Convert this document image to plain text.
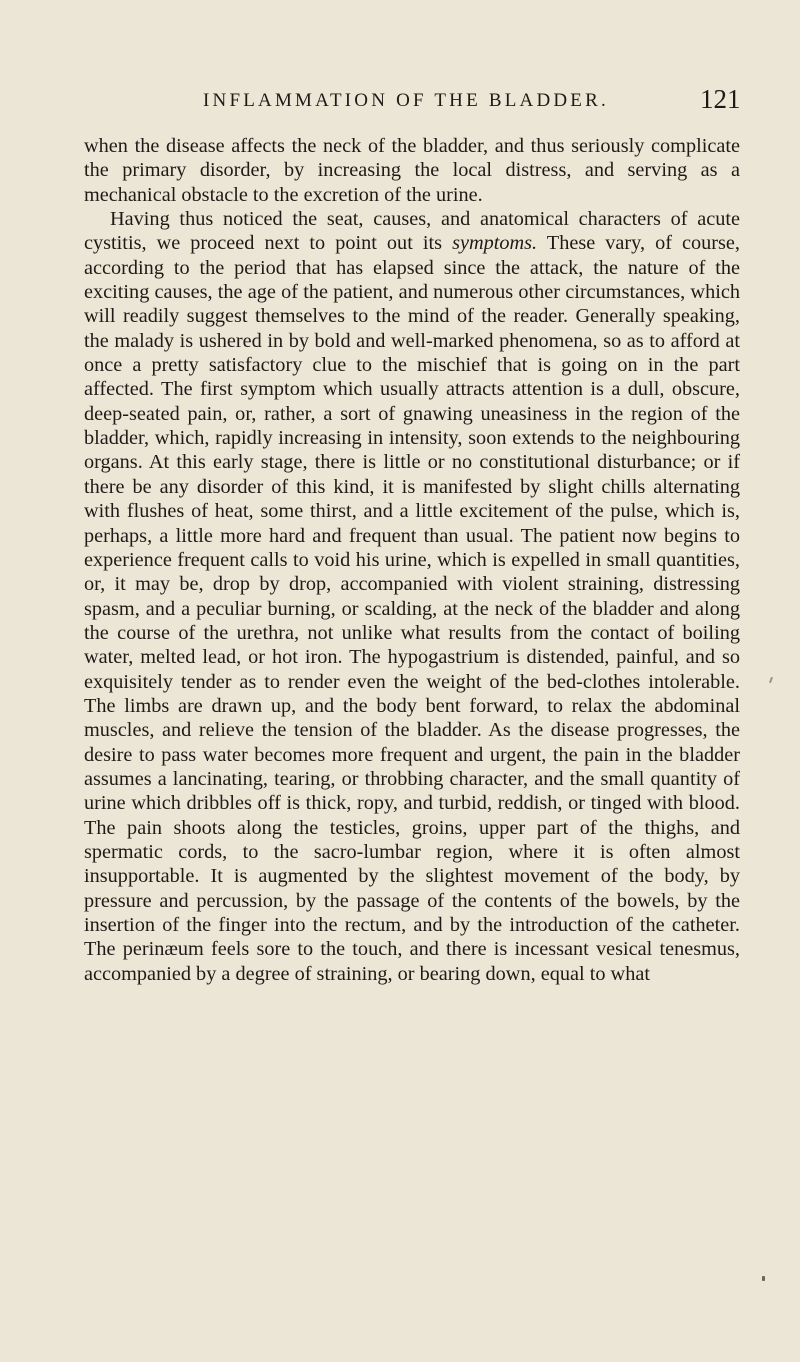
INFLAMMATION OF THE BLADDER.	121

when the disease affects the neck of the bladder, and thus seriously complicate the primary disorder, by increasing the local distress, and serving as a mechanical obstacle to the excretion of the urine.

Having thus noticed the seat, causes, and anatomical characters of acute cystitis, we proceed next to point out its symptoms. These vary, of course, according to the period that has elapsed since the attack, the nature of the exciting causes, the age of the patient, and numerous other circumstances, which will readily suggest themselves to the mind of the reader. Generally speaking, the malady is ushered in by bold and well-marked phenomena, so as to afford at once a pretty satisfactory clue to the mischief that is going on in the part affected. The first symptom which usually attracts attention is a dull, obscure, deep-seated pain, or, rather, a sort of gnawing uneasiness in the region of the bladder, which, rapidly increasing in intensity, soon extends to the neighbouring organs. At this early stage, there is little or no constitutional disturbance; or if there be any disorder of this kind, it is manifested by slight chills alternating with flushes of heat, some thirst, and a little excitement of the pulse, which is, perhaps, a little more hard and frequent than usual. The patient now begins to experience frequent calls to void his urine, which is expelled in small quantities, or, it may be, drop by drop, accompanied with violent straining, distressing spasm, and a peculiar burning, or scalding, at the neck of the bladder and along the course of the urethra, not unlike what results from the contact of boiling water, melted lead, or hot iron. The hypogastrium is distended, painful, and so exquisitely tender as to render even the weight of the bed-clothes intolerable. The limbs are drawn up, and the body bent forward, to relax the abdominal muscles, and relieve the tension of the bladder. As the disease progresses, the desire to pass water becomes more frequent and urgent, the pain in the bladder assumes a lancinating, tearing, or throbbing character, and the small quantity of urine which dribbles off is thick, ropy, and turbid, reddish, or tinged with blood. The pain shoots along the testicles, groins, upper part of the thighs, and spermatic cords, to the sacro-lumbar region, where it is often almost insupportable. It is augmented by the slightest movement of the body, by pressure and percussion, by the passage of the contents of the bowels, by the insertion of the finger into the rectum, and by the introduction of the catheter. The perinæum feels sore to the touch, and there is incessant vesical tenesmus, accompanied by a degree of straining, or bearing down, equal to what
